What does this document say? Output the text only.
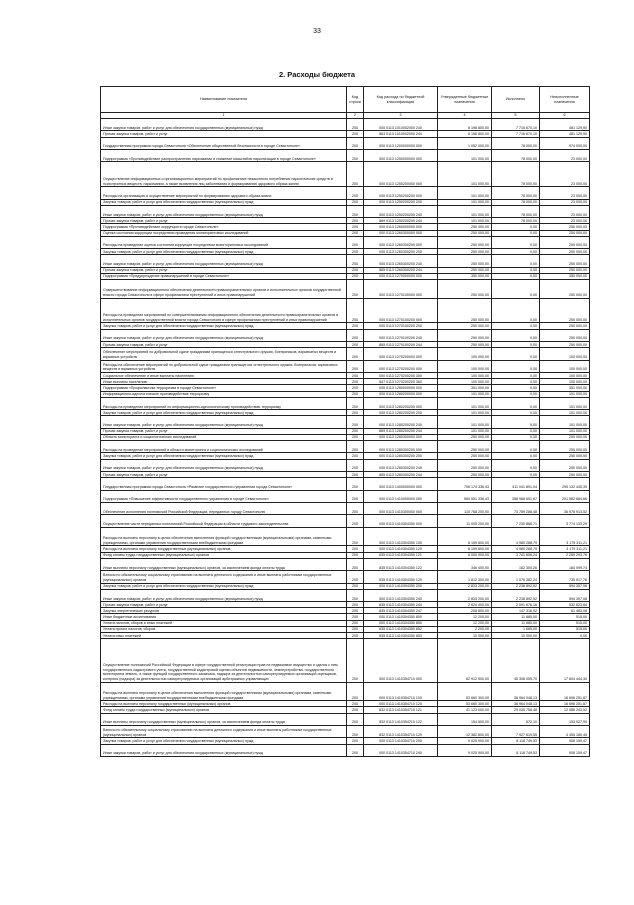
33
2. Расходы бюджета
Наименование показателя	Код строки	Код расхода по бюджетной классификации	Утвержденные бюджетные назначения	Исполнено	Неисполненные назначения
1	2	3	4	5	6
Иные закупки товаров, работ и услуг для обеспечения государственных (муниципальных) нужд	200	000 0113 1010002000 240	8 198 800,00	7 716 670,10	481 129,90
Прочая закупка товаров, работ и услуг	200	863 0113 1010002000 244	8 198 800,00	7 716 670,10	481 129,90
Государственная программа города Севастополя «Обеспечение общественной безопасности в городе Севастополе»	200	000 0113 1200000000 000	1 052 000,00	78 000,00	974 000,00
Подпрограмма «Противодействие распространению наркомании и снижение масштабов наркотизации в городе Севастополе»	200	000 0113 1250000000 000	101 000,00	78 000,00	23 000,00
Осуществление информационных и организационных мероприятий по профилактике незаконного потребления наркотических средств и психотропных веществ, наркомании, а также выявления лиц заболевания и формированию здорового образа жизни	200	000 0113 1250200000 000	101 000,00	78 000,00	23 000,00
Расходы на организацию и осуществление мероприятий по формированию здорового образа жизни	200	000 0113 1250200200 000	101 000,00	78 000,00	23 000,00
Закупка товаров, работ и услуг для обеспечения государственных (муниципальных) нужд	200	000 0113 1250200200 200	101 000,00	78 000,00	23 000,00
Иные закупки товаров, работ и услуг для обеспечения государственных (муниципальных) нужд	200	000 0113 1250200200 240	101 000,00	78 000,00	23 000,00
Прочая закупка товаров, работ и услуг	200	869 0113 1250200200 244	101 000,00	78 000,00	23 000,00
Подпрограмма «Противодействие коррупции в городе Севастополе»	200	000 0113 1260000000 000	250 000,00	0,00	250 000,00
Оценка состояния коррупции посредством проведения мониторинговых исследований	200	000 0113 1260300000 000	250 000,00	0,00	250 000,00
Расходы на проведение оценки состояния коррупции посредством мониторинговых исследований	200	000 0113 1260300200 000	250 000,00	0,00	250 000,00
Закупка товаров, работ и услуг для обеспечения государственных (муниципальных) нужд	200	000 0113 1260300200 200	250 000,00	0,00	250 000,00
Иные закупки товаров, работ и услуг для обеспечения государственных (муниципальных) нужд	200	000 0113 1260300200 240	250 000,00	0,00	250 000,00
Прочая закупка товаров, работ и услуг	200	865 0113 1260300200 244	250 000,00	0,00	250 000,00
Подпрограмма «Предупреждение правонарушений в городе Севастополе»	200	000 0113 1270000000 000	350 000,00	0,00	350 000,00
Совершенствование информационного обеспечения деятельности правоохранительных органов и исполнительных органов государственной власти города Севастополя в сфере профилактики преступлений и иных правонарушений	200	000 0113 1270100000 000	250 000,00	0,00	250 000,00
Расходы на проведение мероприятий по совершенствованию информационного обеспечения деятельности правоохранительных органов и исполнительных органов государственной власти города Севастополя в сфере профилактики преступлений и иных правонарушений	200	000 0113 1270100200 000	250 000,00	0,00	250 000,00
Закупка товаров, работ и услуг для обеспечения государственных (муниципальных) нужд	200	000 0113 1270100200 200	250 000,00	0,00	250 000,00
Иные закупки товаров, работ и услуг для обеспечения государственных (муниципальных) нужд	200	000 0113 1270100200 240	250 000,00	0,00	250 000,00
Прочая закупка товаров, работ и услуг	200	865 0113 1270100200 244	250 000,00	0,00	250 000,00
Обеспечение мероприятий по добровольной сдаче гражданами хранящегося огнестрельного оружия, боеприпасов, взрывчатых веществ и взрывных устройств	200	000 0113 1270200000 000	100 000,00	0,00	100 000,00
Расходы на обеспечение мероприятий по добровольной сдаче гражданами хранящегося огнестрельного оружия, боеприпасов, взрывчатых веществ и взрывных устройств	200	000 0113 1270200200 000	100 000,00	0,00	100 000,00
Социальное обеспечение и иные выплаты населению	200	000 0113 1270200200 300	100 000,00	0,00	100 000,00
Иные выплаты населению	200	847 0113 1270200200 360	100 000,00	0,00	100 000,00
Подпрограмма «Профилактика терроризма в городе Севастополе»	200	000 0113 1280000000 000	351 000,00	0,00	351 000,00
Информационно-идеологическое противодействие терроризму	200	000 0113 1280200000 000	101 000,00	0,00	101 000,00
Расходы на проведение мероприятий по информационно-идеологическому противодействию терроризму	200	000 0113 1280200200 000	101 000,00	0,00	101 000,00
Закупка товаров, работ и услуг для обеспечения государственных (муниципальных) нужд	200	000 0113 1280200200 200	101 000,00	0,00	101 000,00
Иные закупки товаров, работ и услуг для обеспечения государственных (муниципальных) нужд	200	000 0113 1280200200 240	101 000,00	0,00	101 000,00
Прочая закупка товаров, работ и услуг	200	869 0113 1280200200 244	101 000,00	0,00	101 000,00
Область мониторинга и социологических исследований	200	000 0113 1280300000 000	250 000,00	0,00	250 000,00
Расходы на проведение мероприятий в области мониторинга и социологических исследований	200	000 0113 1280300200 000	250 000,00	0,00	250 000,00
Закупка товаров, работ и услуг для обеспечения государственных (муниципальных) нужд	200	000 0113 1280300200 200	250 000,00	0,00	250 000,00
Иные закупки товаров, работ и услуг для обеспечения государственных (муниципальных) нужд	200	000 0113 1280300200 240	250 000,00	0,00	250 000,00
Прочая закупка товаров, работ и услуг	200	865 0113 1280300200 244	250 000,00	0,00	250 000,00
Государственная программа города Севастополя «Развитие государственного управления города Севастополя»	200	000 0113 1400000000 000	706 174 336,43	411 041 891,04	295 132 445,39
Подпрограмма «Повышение эффективности государственного управления в городе Севастополе»	200	000 0113 1410000000 000	560 551 336,43	358 968 651,67	201 582 684,66
Обеспечение исполнения полномочий Российской Федерации, переданных городу Севастополю	200	000 0113 1410300000 000	110 768 200,00	73 789 286,48	36 978 913,52
Осуществление части переданных полномочий Российской Федерации в области трудового законодательства	200	000 0113 1410304350 000	11 005 200,00	7 230 866,71	3 774 133,29
Расходы на выплаты персоналу в целях обеспечения выполнения функций государственными (муниципальными) органами, казенными учреждениями, органами управления государственными внебюджетными фондами	200	000 0113 1410304350 100	8 159 600,00	4 980 288,79	3 179 311,21
Расходы на выплаты персоналу государственных (муниципальных) органов	200	000 0113 1410304350 120	8 159 600,00	4 980 288,79	3 179 311,21
Фонд оплаты труда государственных (муниципальных) органов	200	835 0113 1410304350 121	6 000 900,00	3 741 606,24	2 259 293,76
Иные выплаты персоналу государственных (муниципальных) органов, за исключением фонда оплаты труда	200	835 0113 1410304350 122	346 400,00	162 300,26	184 099,74
Взносы по обязательному социальному страхованию на выплаты денежного содержания и иные выплаты работникам государственных (муниципальных) органов	200	835 0113 1410304350 129	1 812 300,00	1 076 382,24	735 917,76
Закупка товаров, работ и услуг для обеспечения государственных (муниципальных) нужд	200	000 0113 1410304350 200	2 833 200,00	2 238 892,92	594 307,08
Иные закупки товаров, работ и услуг для обеспечения государственных (муниципальных) нужд	200	000 0113 1410304350 240	2 833 200,00	2 238 892,92	594 307,08
Прочая закупка товаров, работ и услуг	200	835 0113 1410304350 244	2 624 400,00	2 091 676,16	532 823,84
Закупка энергетических ресурсов	200	835 0113 1410304350 247	208 800,00	147 316,92	61 483,08
Иные бюджетные ассигнования	200	000 0113 1410304350 800	12 200,00	11 685,00	515,00
Уплата налогов, сборов и иных платежей	200	000 0113 1410304350 850	12 200,00	11 685,00	515,00
Уплата прочих налогов, сборов	200	835 0113 1410304350 852	2 200,00	1 685,00	515,00
Уплата иных платежей	200	835 0113 1410304350 853	10 000,00	10 000,00	0,00
Осуществление полномочий Российской Федерации в сфере государственной регистрации прав на недвижимое имущество и сделок с ним, государственного кадастрового учета, государственной кадастровой оценки объектов недвижимости, землеустройства, государственного мониторинга земель, а также функций государственного заказчика, надзора за деятельностью саморегулируемых организаций оценщиков, контроля (надзора) за деятельностью саморегулируемых организаций арбитражных управляющих	200	000 0113 1410354710 000	62 912 500,00	45 308 055,70	17 604 444,30
Расходы на выплаты персоналу в целях обеспечения выполнения функций государственными (муниципальными) органами, казенными учреждениями, органами управления государственными внебюджетными фондами	200	000 0113 1410354710 100	53 660 300,00	36 964 048,13	16 696 251,87
Расходы на выплаты персоналу государственных (муниципальных) органов	200	000 0113 1410354710 120	53 660 300,00	36 964 048,13	16 696 251,87
Фонд оплаты труда государственных (муниципальных) органов	200	832 0113 1410354710 121	41 123 000,00	29 035 756,48	12 086 243,52
Иные выплаты персоналу государственных (муниципальных) органов, за исключением фонда оплаты труда	200	832 0113 1410354710 122	154 600,00	672,10	153 927,90
Взносы по обязательному социальному страхованию на выплаты денежного содержания и иные выплаты работникам государственных (муниципальных) органов	200	832 0113 1410354710 129	12 382 800,00	7 927 619,55	4 455 180,45
Закупка товаров, работ и услуг для обеспечения государственных (муниципальных) нужд	200	000 0113 1410354710 200	9 025 900,00	8 118 749,53	908 150,47
Иные закупки товаров, работ и услуг для обеспечения государственных (муниципальных) нужд	200	000 0113 1410354710 240	9 025 900,00	8 118 749,53	908 150,47
